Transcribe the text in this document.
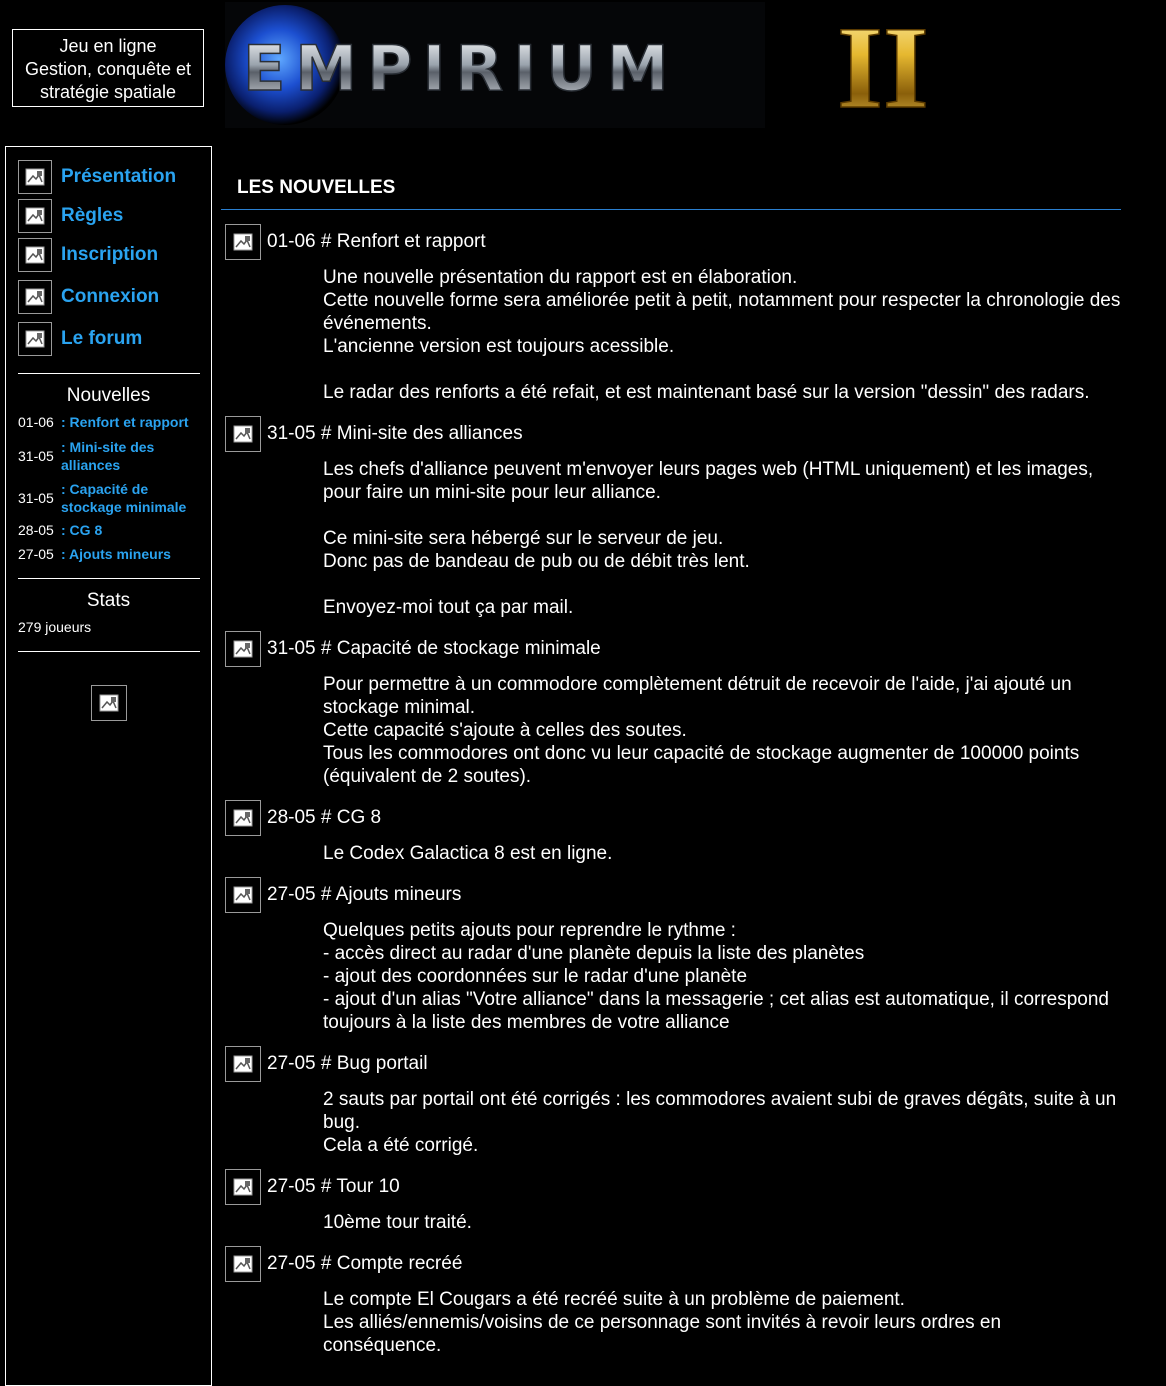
Jeu en ligne
Gestion, conquête et
stratégie spatiale	EMPIRIUM II
Présentation
Règles
Inscription
Connexion
Le forum
Nouvelles
01-06 : Renfort et rapport
31-05
: Mini-site des alliances
31-05
: Capacité de stockage minimale
28-05 : CG 8
27-05 : Ajouts mineurs
Stats
279 joueurs
LES NOUVELLES
01-06 # Renfort et rapport

Une nouvelle présentation du rapport est en élaboration.

Cette nouvelle forme sera améliorée petit à petit, notamment pour respecter la chronologie des événements.

L'ancienne version est toujours acessible.

Le radar des renforts a été refait, et est maintenant basé sur la version "dessin" des radars.

31-05 # Mini-site des alliances

Les chefs d'alliance peuvent m'envoyer leurs pages web (HTML uniquement) et les images, pour faire un mini-site pour leur alliance.

Ce mini-site sera hébergé sur le serveur de jeu.

Donc pas de bandeau de pub ou de débit très lent.

Envoyez-moi tout ça par mail.

31-05 # Capacité de stockage minimale

Pour permettre à un commodore complètement détruit de recevoir de l'aide, j'ai ajouté un stockage minimal.

Cette capacité s'ajoute à celles des soutes.

Tous les commodores ont donc vu leur capacité de stockage augmenter de 100000 points (équivalent de 2 soutes).

28-05 # CG 8

Le Codex Galactica 8 est en ligne.

27-05 # Ajouts mineurs

Quelques petits ajouts pour reprendre le rythme :

- accès direct au radar d'une planète depuis la liste des planètes

- ajout des coordonnées sur le radar d'une planète

- ajout d'un alias "Votre alliance" dans la messagerie ; cet alias est automatique, il correspond toujours à la liste des membres de votre alliance

27-05 # Bug portail

2 sauts par portail ont été corrigés : les commodores avaient subi de graves dégâts, suite à un bug.

Cela a été corrigé.

27-05 # Tour 10

10ème tour traité.

27-05 # Compte recréé

Le compte El Cougars a été recréé suite à un problème de paiement.

Les alliés/ennemis/voisins de ce personnage sont invités à revoir leurs ordres en conséquence.
